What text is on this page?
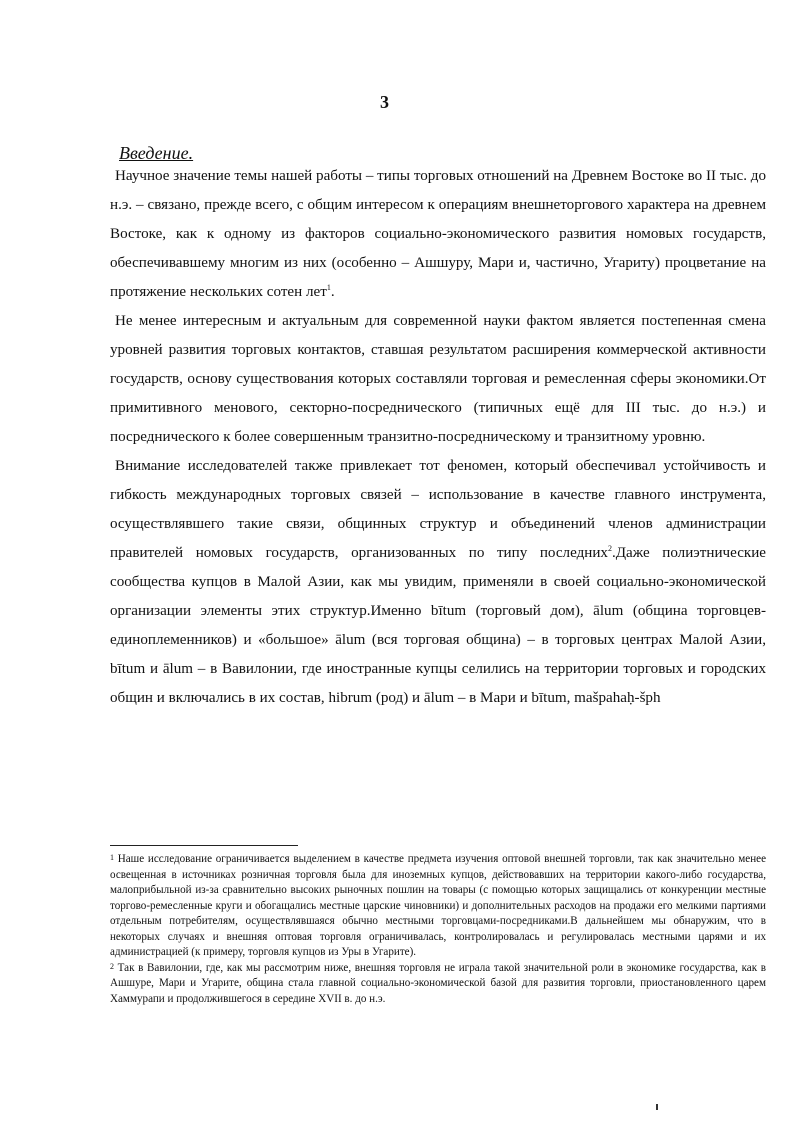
3
Введение.

Научное значение темы нашей работы – типы торговых отношений на Древнем Востоке во II тыс. до н.э. – связано, прежде всего, с общим интересом к операциям внешнеторгового характера на древнем Востоке, как к одному из факторов социально-экономического развития номовых государств, обеспечивавшему многим из них (особенно – Ашшуру, Мари и, частично, Угариту) процветание на протяжение нескольких сотен лет$^1$.

Не менее интересным и актуальным для современной науки фактом является постепенная смена уровней развития торговых контактов, ставшая результатом расширения коммерческой активности государств, основу существования которых составляли торговая и ремесленная сферы экономики.От примитивного менового, секторно-посреднического (типичных ещё для III тыс. до н.э.) и посреднического к более совершенным транзитно-посредническому и транзитному уровню.

Внимание исследователей также привлекает тот феномен, который обеспечивал устойчивость и гибкость международных торговых связей – использование в качестве главного инструмента, осуществлявшего такие связи, общинных структур и объединений членов администрации правителей номовых государств, организованных по типу последних$^2$.Даже полиэтнические сообщества купцов в Малой Азии, как мы увидим, применяли в своей социально-экономической организации элементы этих структур.Именно bītum (торговый дом), ālum (община торговцев-единоплеменников) и «большое» ālum (вся торговая община) – в торговых центрах Малой Азии, bītum и ālum – в Вавилонии, где иностранные купцы селились на территории торговых и городских общин и включались в их состав, hibrum (род) и ālum – в Мари и bītum, mašpahaḥ-šph

$^1$ Наше исследование ограничивается выделением в качестве предмета изучения оптовой внешней торговли, так как значительно менее освещенная в источниках розничная торговля была для иноземных купцов, действовавших на территории какого-либо государства, малоприбыльной из-за сравнительно высоких рыночных пошлин на товары (с помощью которых защищались от конкуренции местные торгово-ремесленные круги и обогащались местные царские чиновники) и дополнительных расходов на продажи его мелкими партиями отдельным потребителям, осуществлявшаяся обычно местными торговцами-посредниками.В дальнейшем мы обнаружим, что в некоторых случаях и внешняя оптовая торговля ограничивалась, контролировалась и регулировалась местными царями и их администрацией (к примеру, торговля купцов из Уры в Угарите).

$^2$ Так в Вавилонии, где, как мы рассмотрим ниже, внешняя торговля не играла такой значительной роли в экономике государства, как в Ашшуре, Мари и Угарите, община стала главной социально-экономической базой для развития торговли, приостановленного царем Хаммурапи и продолжившегося в середине XVII в. до н.э.
